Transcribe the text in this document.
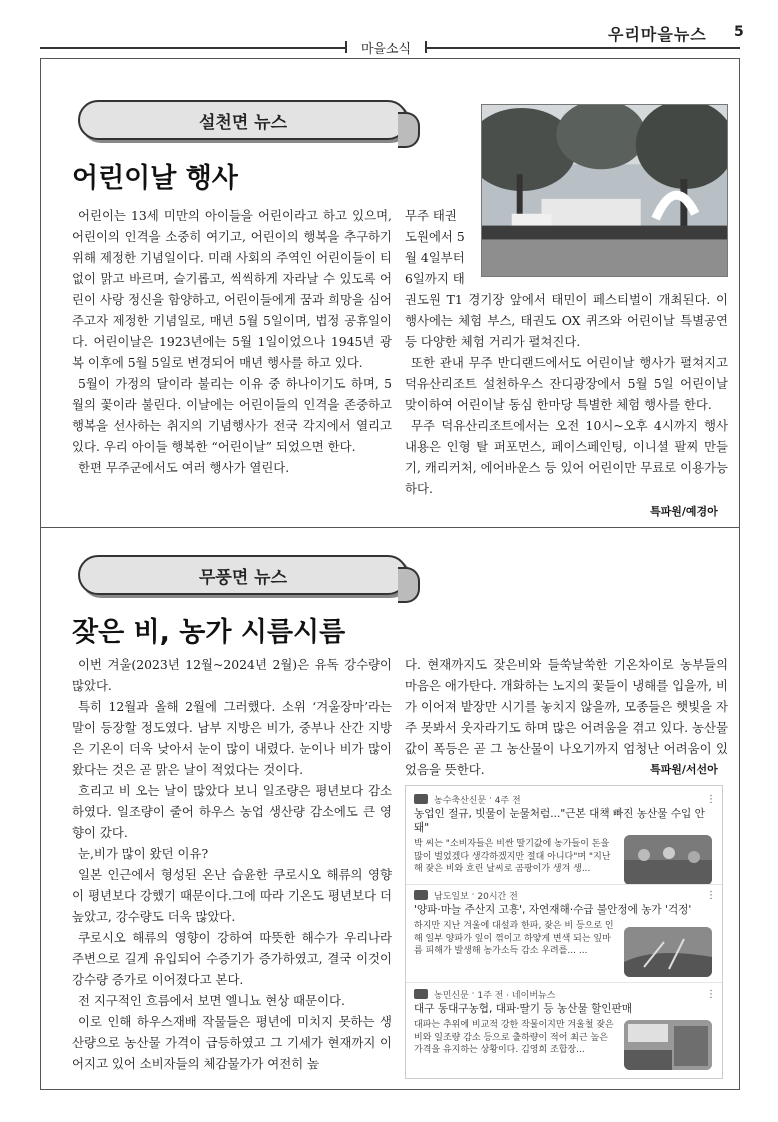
마을소식
우리마을뉴스 5
설천면 뉴스
어린이날 행사

어린이는 13세 미만의 아이들을 어린이라고 하고 있으며, 어린이의 인격을 소중히 여기고, 어린이의 행복을 추구하기 위해 제정한 기념일이다. 미래 사회의 주역인 어린이들이 티 없이 맑고 바르며, 슬기롭고, 씩씩하게 자라날 수 있도록 어린이 사랑 정신을 함양하고, 어린이들에게 꿈과 희망을 심어주고자 제정한 기념일로, 매년 5월 5일이며, 법정 공휴일이다. 어린이날은 1923년에는 5월 1일이었으나 1945년 광복 이후에 5월 5일로 변경되어 매년 행사를 하고 있다.

5월이 가정의 달이라 불리는 이유 중 하나이기도 하며, 5월의 꽃이라 불린다. 이날에는 어린이들의 인격을 존중하고 행복을 선사하는 취지의 기념행사가 전국 각지에서 열리고 있다. 우리 아이들 행복한 “어린이날” 되었으면 한다.

한편 무주군에서도 여러 행사가 열린다.

무주 태권
도원에서 5
월 4일부터
6일까지 태

권도원 T1 경기장 앞에서 태민이 페스티벌이 개최된다. 이 행사에는 체험 부스, 태권도 OX 퀴즈와 어린이날 특별공연 등 다양한 체험 거리가 펼쳐진다.

또한 관내 무주 반디랜드에서도 어린이날 행사가 펼쳐지고 덕유산리조트 설천하우스 잔디광장에서 5월 5일 어린이날 맞이하여 어린이날 동심 한마당 특별한 체험 행사를 한다.

무주 덕유산리조트에서는 오전 10시~오후 4시까지 행사 내용은 인형 탈 퍼포먼스, 페이스페인팅, 이니셜 팔찌 만들기, 캐리커처, 에어바운스 등 있어 어린이만 무료로 이용가능하다.

특파원/예경아
무풍면 뉴스
잦은 비, 농가 시름시름

이번 겨울(2023년 12월~2024년 2월)은 유독 강수량이 많았다.

특히 12월과 올해 2월에 그러했다. 소위 ‘겨울장마’라는 말이 등장할 정도였다. 남부 지방은 비가, 중부나 산간 지방은 기온이 더욱 낮아서 눈이 많이 내렸다. 눈이나 비가 많이 왔다는 것은 곧 맑은 날이 적었다는 것이다.

흐리고 비 오는 날이 많았다 보니 일조량은 평년보다 감소하였다. 일조량이 줄어 하우스 농업 생산량 감소에도 큰 영향이 갔다.

눈,비가 많이 왔던 이유?

일본 인근에서 형성된 온난 습윤한 쿠로시오 해류의 영향이 평년보다 강했기 때문이다.그에 따라 기온도 평년보다 더 높았고, 강수량도 더욱 많았다.

쿠로시오 해류의 영향이 강하여 따뜻한 해수가 우리나라 주변으로 길게 유입되어 수증기가 증가하였고, 결국 이것이 강수량 증가로 이어졌다고 본다.

전 지구적인 흐름에서 보면 엘니뇨 현상 때문이다.

이로 인해 하우스재배 작물들은 평년에 미치지 못하는 생산량으로 농산물 가격이 급등하였고 그 기세가 현재까지 이어지고 있어 소비자들의 체감물가가 여전히 높

다. 현재까지도 잦은비와 들쑥날쑥한 기온차이로 농부들의 마음은 애가탄다. 개화하는 노지의 꽃들이 냉해를 입을까, 비가 이어져 밭장만 시기를 놓치지 않을까, 모종들은 햇빛을 자주 못봐서 웃자라기도 하며 많은 어려움을 겪고 있다. 농산물값이 폭등은 곧 그 농산물이 나오기까지 엄청난 어려움이 있었음을 뜻한다.	특파원/서선아
농수축산신문 · 4주 전	⋮
농업인 절규, 빗물이 눈물처럼..."근본 대책 빠진 농산물 수입 안돼"
박 씨는 "소비자들은 비싼 딸기값에 농가들이 돈을 많이 벌었겠다 생각하겠지만 절대 아니다"며 "지난해 잦은 비와 흐린 날씨로 곰팡이가 생겨 생...
남도일보 · 20시간 전	⋮
'양파·마늘 주산지 고흥', 자연재해·수급 불안정에 농가 '걱정'
하지만 지난 겨울에 대설과 한파, 잦은 비 등으로 인해 일부 양파가 잎이 꺾이고 하얗게 변색 되는 잎마름 피해가 발생해 농가소득 감소 우려를... ...
농민신문 · 1주 전 · 네이버뉴스	⋮
대구 동대구농협, 대파·딸기 등 농산물 할인판매
대파는 추위에 비교적 강한 작물이지만 겨울철 잦은 비와 일조량 감소 등으로 출하량이 적어 최근 높은 가격을 유지하는 상황이다. 김영희 조합장...
